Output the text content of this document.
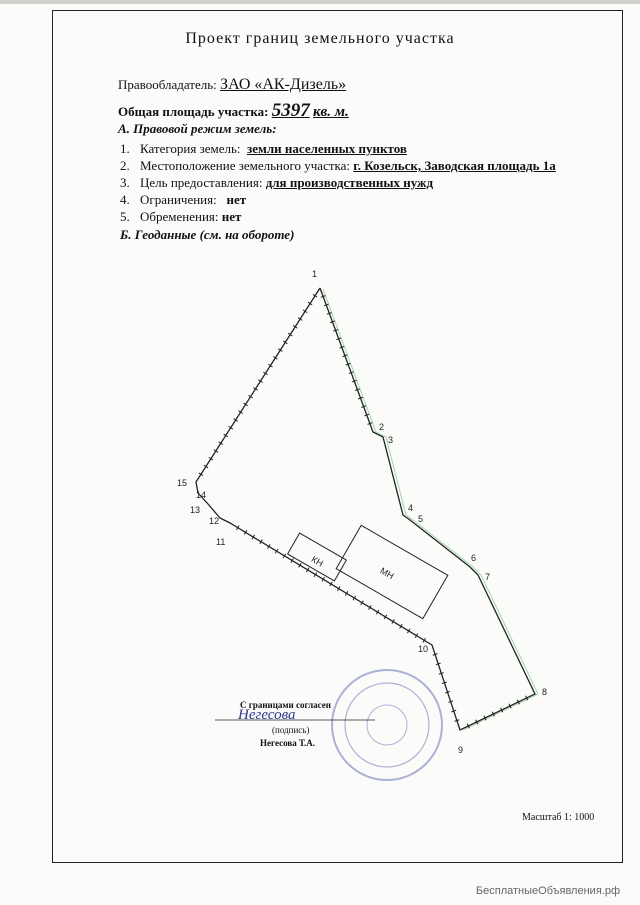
Проект границ земельного участка
Правообладатель: ЗАО «АК-Дизель»
Общая площадь участка: 5397 кв. м.
А. Правовой режим земель:
1. Категория земель: земли населенных пунктов
2. Местоположение земельного участка: г. Козельск, Заводская площадь 1а
3. Цель предоставления: для производственных нужд
4. Ограничения: нет
5. Обременения: нет
Б. Геоданные (см. на обороте)
КН
МН
1
2
3
4
5
6
7
8
9
10
11
12
13
14
15
С границами согласен
Негесова
(подпись)
Негесова Т.А.
Масштаб 1: 1000
БесплатныеОбъявления.рф
